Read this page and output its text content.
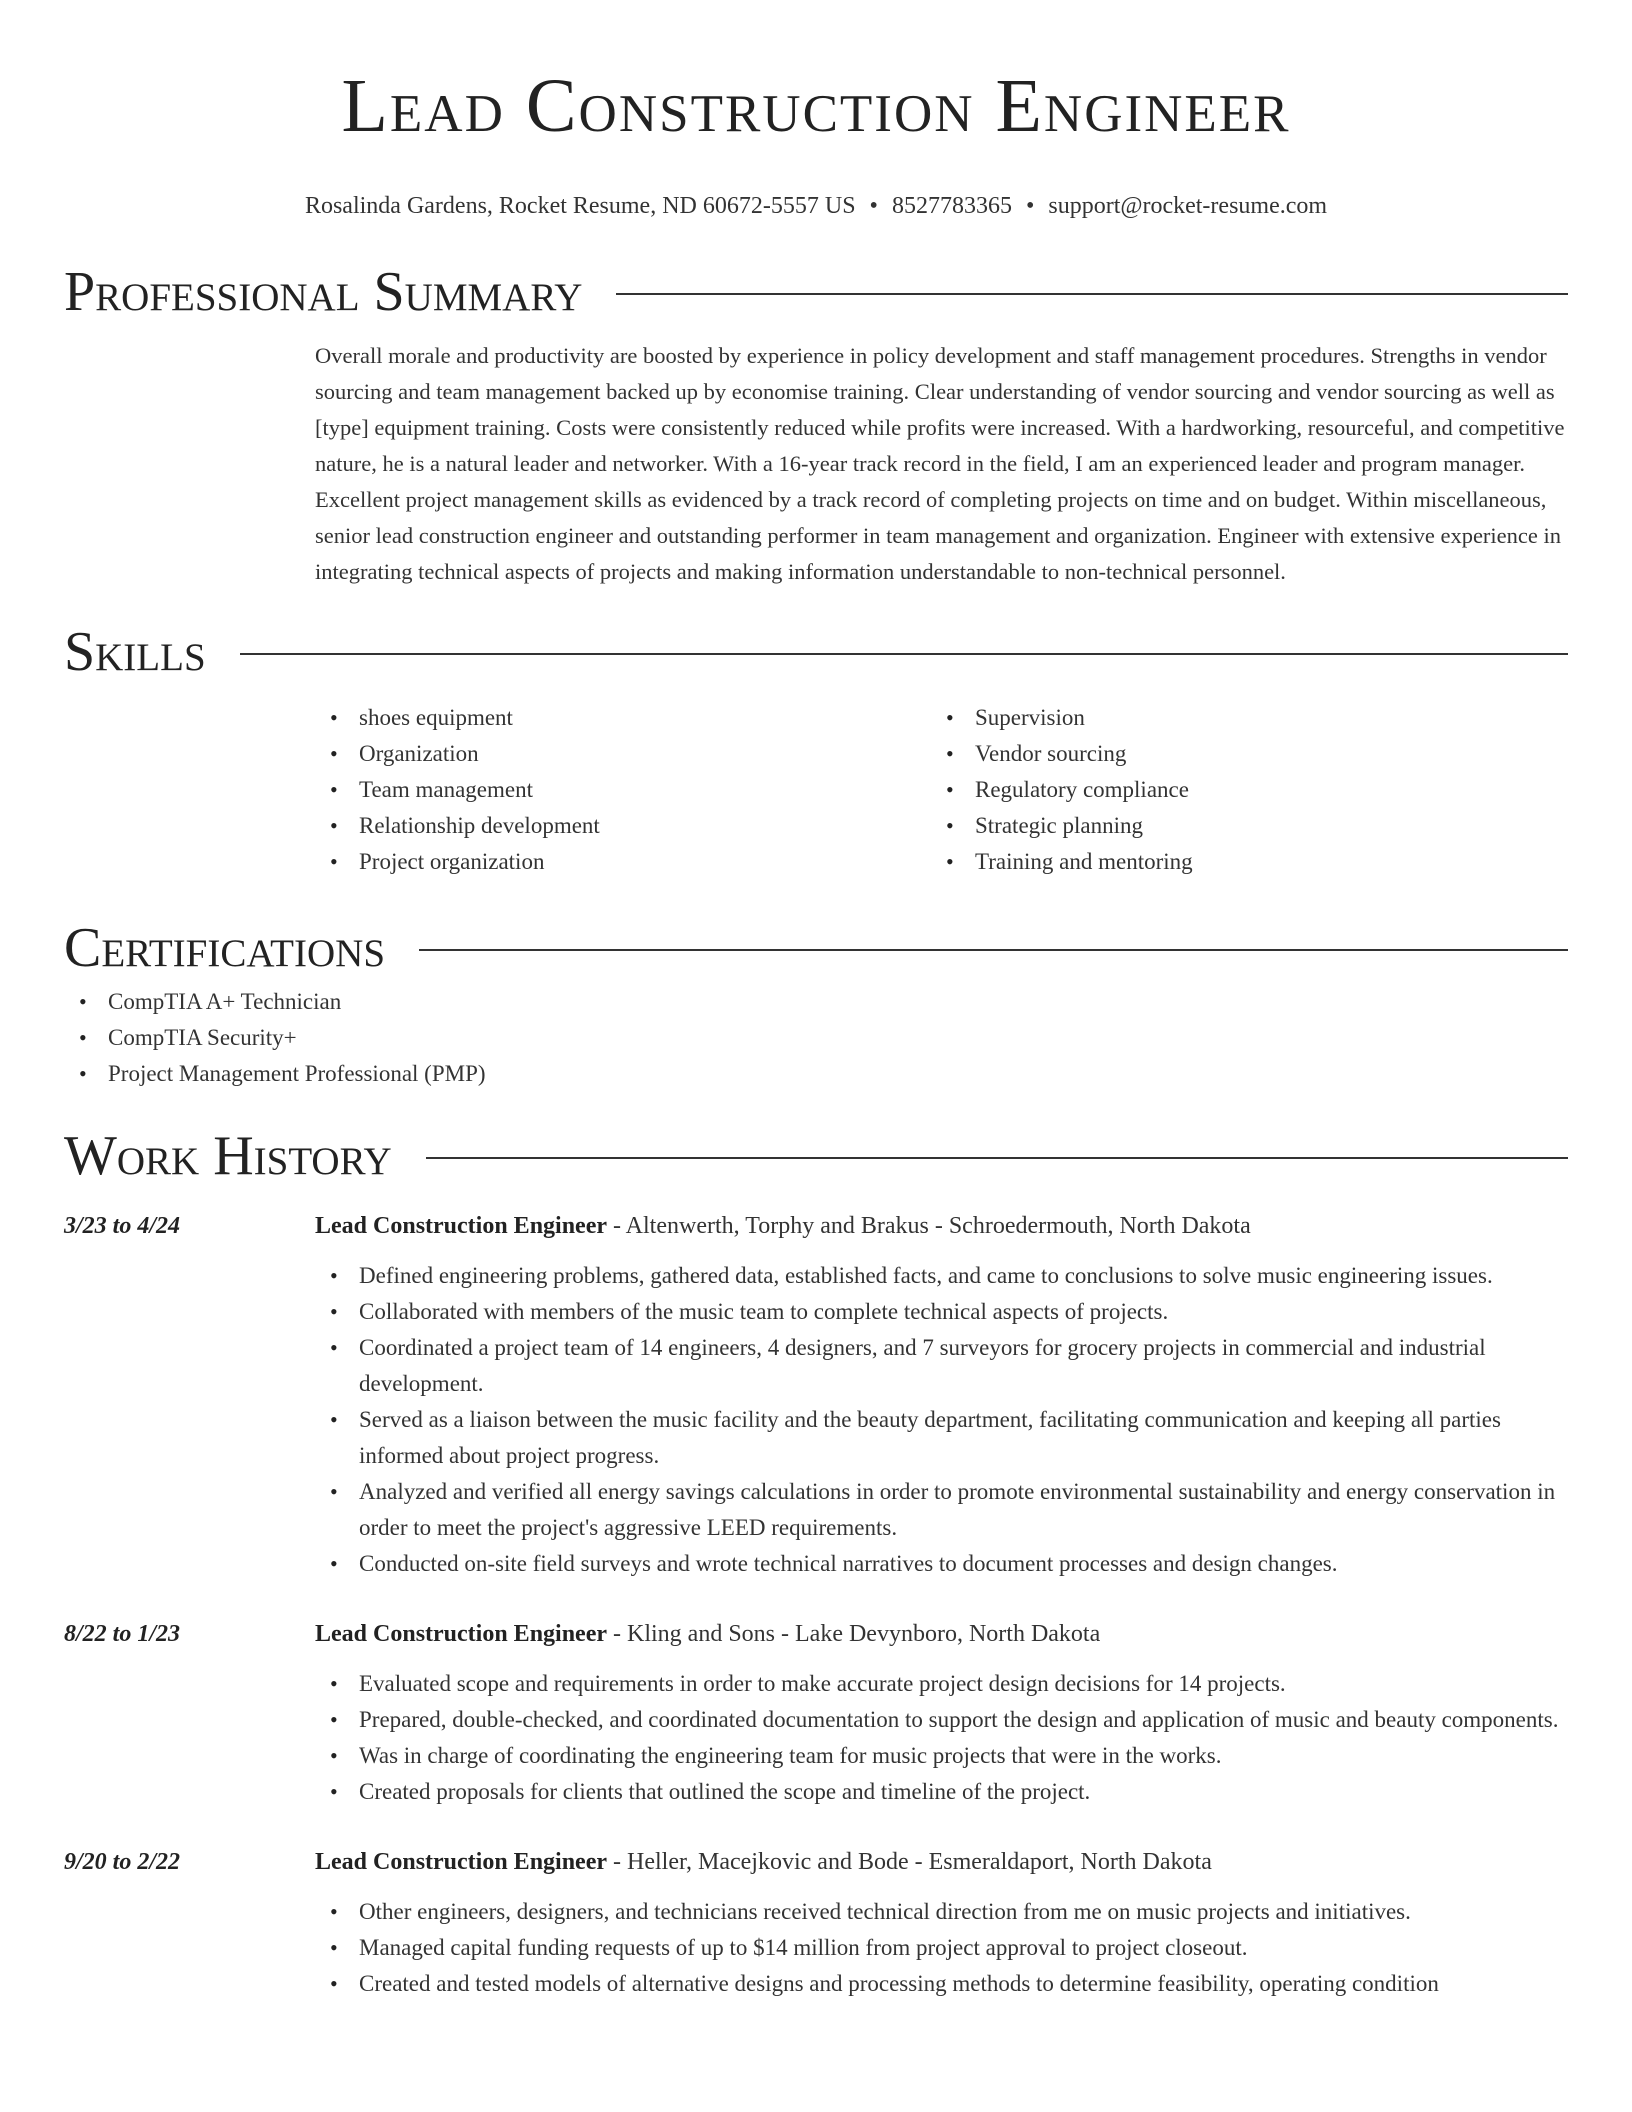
Lead Construction Engineer
Rosalinda Gardens, Rocket Resume, ND 60672-5557 US • 8527783365 • support@rocket-resume.com
Professional Summary

Overall morale and productivity are boosted by experience in policy development and staff management procedures. Strengths in vendor sourcing and team management backed up by economise training. Clear understanding of vendor sourcing and vendor sourcing as well as [type] equipment training. Costs were consistently reduced while profits were increased. With a hardworking, resourceful, and competitive nature, he is a natural leader and networker. With a 16-year track record in the field, I am an experienced leader and program manager. Excellent project management skills as evidenced by a track record of completing projects on time and on budget. Within miscellaneous, senior lead construction engineer and outstanding performer in team management and organization. Engineer with extensive experience in integrating technical aspects of projects and making information understandable to non-technical personnel.

Skills
• shoes equipment
• Organization
• Team management
• Relationship development
• Project organization
• Supervision
• Vendor sourcing
• Regulatory compliance
• Strategic planning
• Training and mentoring
Certifications
• CompTIA A+ Technician
• CompTIA Security+
• Project Management Professional (PMP)
Work History
3/23 to 4/24	Lead Construction Engineer - Altenwerth, Torphy and Brakus - Schroedermouth, North Dakota
• Defined engineering problems, gathered data, established facts, and came to conclusions to solve music engineering issues.
• Collaborated with members of the music team to complete technical aspects of projects.
• Coordinated a project team of 14 engineers, 4 designers, and 7 surveyors for grocery projects in commercial and industrial development.
• Served as a liaison between the music facility and the beauty department, facilitating communication and keeping all parties informed about project progress.
• Analyzed and verified all energy savings calculations in order to promote environmental sustainability and energy conservation in order to meet the project's aggressive LEED requirements.
• Conducted on-site field surveys and wrote technical narratives to document processes and design changes.
8/22 to 1/23	Lead Construction Engineer - Kling and Sons - Lake Devynboro, North Dakota
• Evaluated scope and requirements in order to make accurate project design decisions for 14 projects.
• Prepared, double-checked, and coordinated documentation to support the design and application of music and beauty components.
• Was in charge of coordinating the engineering team for music projects that were in the works.
• Created proposals for clients that outlined the scope and timeline of the project.
9/20 to 2/22	Lead Construction Engineer - Heller, Macejkovic and Bode - Esmeraldaport, North Dakota
• Other engineers, designers, and technicians received technical direction from me on music projects and initiatives.
• Managed capital funding requests of up to $14 million from project approval to project closeout.
• Created and tested models of alternative designs and processing methods to determine feasibility, operating condition
